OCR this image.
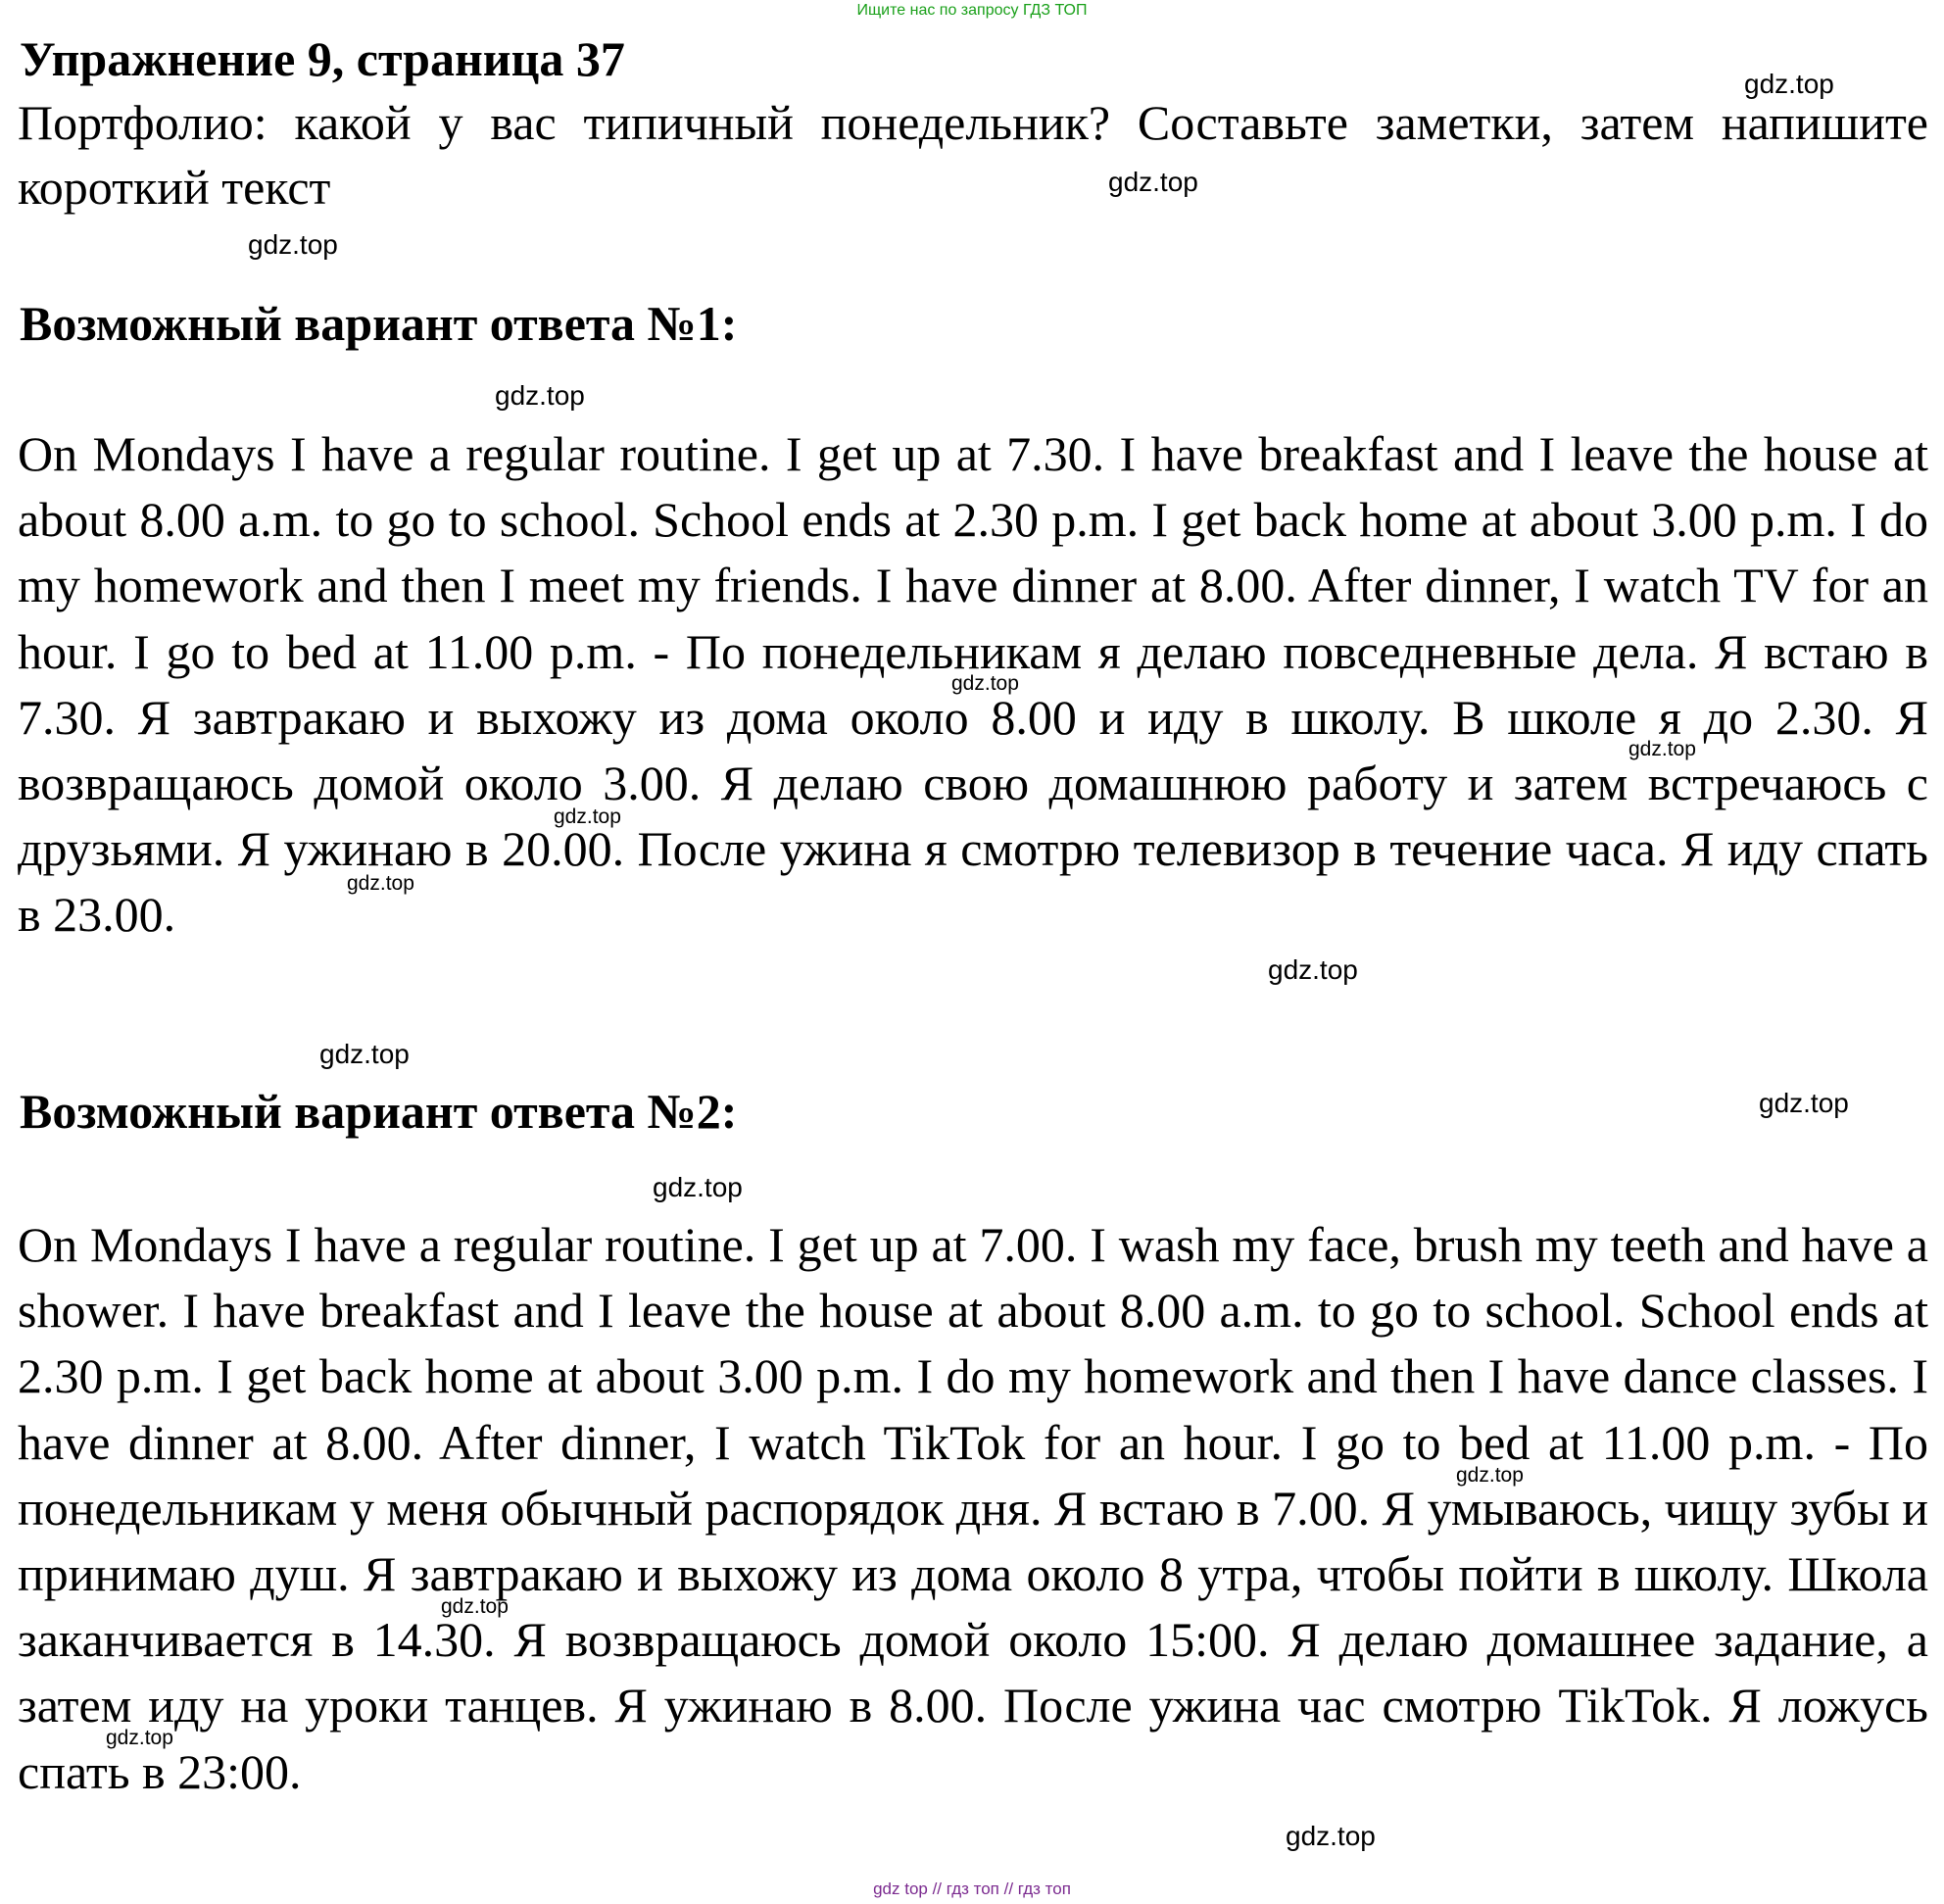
Ищите нас по запросу ГДЗ ТОП
Упражнение 9, страница 37
Портфолио: какой у вас типичный понедельник? Составьте заметки, затем напишите короткий текст
Возможный вариант ответа №1:
On Mondays I have a regular routine. I get up at 7.30. I have breakfast and I leave the house at about 8.00 a.m. to go to school. School ends at 2.30 p.m. I get back home at about 3.00 p.m. I do my homework and then I meet my friends. I have dinner at 8.00. After dinner, I watch TV for an hour. I go to bed at 11.00 p.m. - По понедельникам я делаю повседневные дела. Я встаю в 7.30. Я завтракаю и выхожу из дома около 8.00 и иду в школу. В школе я до 2.30. Я возвращаюсь домой около 3.00. Я делаю свою домашнюю работу и затем встречаюсь с друзьями. Я ужинаю в 20.00. После ужина я смотрю телевизор в течение часа. Я иду спать в 23.00.
Возможный вариант ответа №2:
On Mondays I have a regular routine. I get up at 7.00. I wash my face, brush my teeth and have a shower. I have breakfast and I leave the house at about 8.00 a.m. to go to school. School ends at 2.30 p.m. I get back home at about 3.00 p.m. I do my homework and then I have dance classes. I have dinner at 8.00. After dinner, I watch TikTok for an hour. I go to bed at 11.00 p.m. - По понедельникам у меня обычный распорядок дня. Я встаю в 7.00. Я умываюсь, чищу зубы и принимаю душ. Я завтракаю и выхожу из дома около 8 утра, чтобы пойти в школу. Школа заканчивается в 14.30. Я возвращаюсь домой около 15:00. Я делаю домашнее задание, а затем иду на уроки танцев. Я ужинаю в 8.00. После ужина час смотрю TikTok. Я ложусь спать в 23:00.
gdz.top
gdz.top
gdz.top
gdz.top
gdz.top
gdz.top
gdz.top
gdz.top
gdz.top
gdz.top
gdz.top
gdz.top
gdz.top
gdz.top
gdz.top
gdz.top
gdz top // гдз топ // гдз топ
